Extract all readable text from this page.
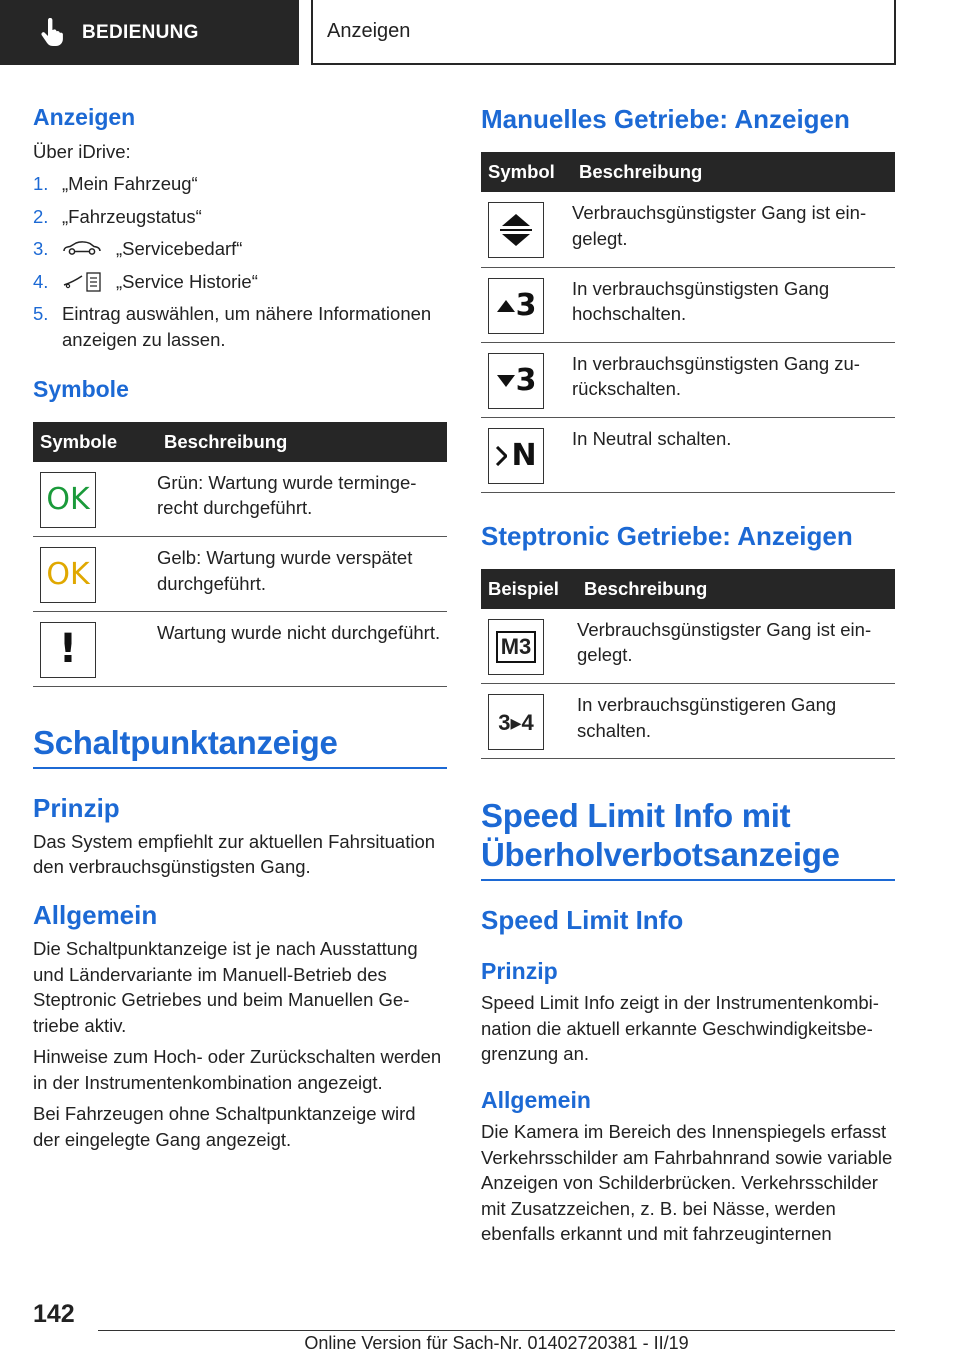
BEDIENUNG	Anzeigen
Anzeigen

Über iDrive:

1. „Mein Fahrzeug“
2. „Fahrzeugstatus“
3.	„Servicebedarf“
4.	„Service Historie“
5. Eintrag auswählen, um nähere Informationen anzeigen zu lassen.
Symbole
Symbole	Beschreibung

OK	Grün: Wartung wurde termingerecht durchgeführt.

OK	Gelb: Wartung wurde verspätet durchgeführt.

!	Wartung wurde nicht durchgeführt.
Schaltpunktanzeige
Prinzip

Das System empfiehlt zur aktuellen Fahrsituation den verbrauchsgünstigsten Gang.

Allgemein

Die Schaltpunktanzeige ist je nach Ausstattung und Ländervariante im Manuell-Betrieb des Steptronic Getriebes und beim Manuellen Getriebe aktiv.

Hinweise zum Hoch- oder Zurückschalten werden in der Instrumentenkombination angezeigt.

Bei Fahrzeugen ohne Schaltpunktanzeige wird der eingelegte Gang angezeigt.

Manuelles Getriebe: Anzeigen
Symbol	Beschreibung

	Verbrauchsgünstigster Gang ist eingelegt.

3	In verbrauchsgünstigsten Gang hochschalten.

3	In verbrauchsgünstigsten Gang zurückschalten.

N	In Neutral schalten.
Steptronic Getriebe: Anzeigen
Beispiel	Beschreibung

M3	Verbrauchsgünstigster Gang ist eingelegt.

3▸4	In verbrauchsgünstigeren Gang schalten.
Speed Limit Info mit Überholverbotsanzeige
Speed Limit Info
Prinzip

Speed Limit Info zeigt in der Instrumentenkombination die aktuell erkannte Geschwindigkeitsbegrenzung an.

Allgemein

Die Kamera im Bereich des Innenspiegels erfasst Verkehrsschilder am Fahrbahnrand sowie variable Anzeigen von Schilderbrücken. Verkehrsschilder mit Zusatzzeichen, z. B. bei Nässe, werden ebenfalls erkannt und mit fahrzeuginternen

142
Online Version für Sach-Nr. 01402720381 - II/19
